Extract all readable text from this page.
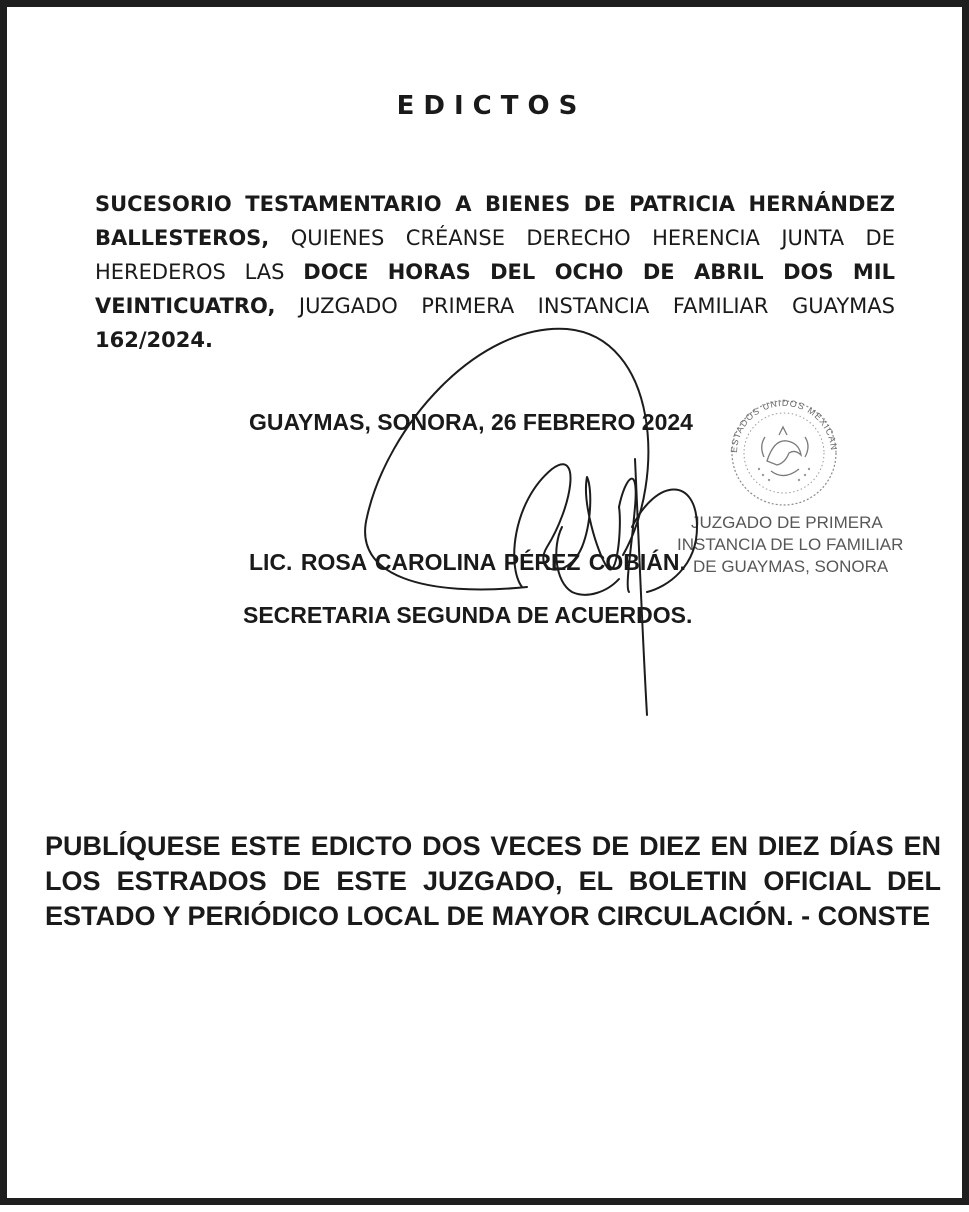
EDICTOS

SUCESORIO TESTAMENTARIO A BIENES DE PATRICIA HERNÁNDEZ BALLESTEROS, QUIENES CRÉANSE DERECHO HERENCIA JUNTA DE HEREDEROS LAS DOCE HORAS DEL OCHO DE ABRIL DOS MIL VEINTICUATRO, JUZGADO PRIMERA INSTANCIA FAMILIAR GUAYMAS 162/2024.

GUAYMAS, SONORA, 26 FEBRERO 2024

ESTADOS UNIDOS MEXICAN
JUZGADO DE PRIMERA
INSTANCIA DE LO FAMILIAR
DE GUAYMAS, SONORA

LIC. ROSA CAROLINA PÉREZ COBIÁN.

SECRETARIA SEGUNDA DE ACUERDOS.

PUBLÍQUESE ESTE EDICTO DOS VECES DE DIEZ EN DIEZ DÍAS EN LOS ESTRADOS DE ESTE JUZGADO, EL BOLETIN OFICIAL DEL ESTADO Y PERIÓDICO LOCAL DE MAYOR CIRCULACIÓN. - CONSTE
